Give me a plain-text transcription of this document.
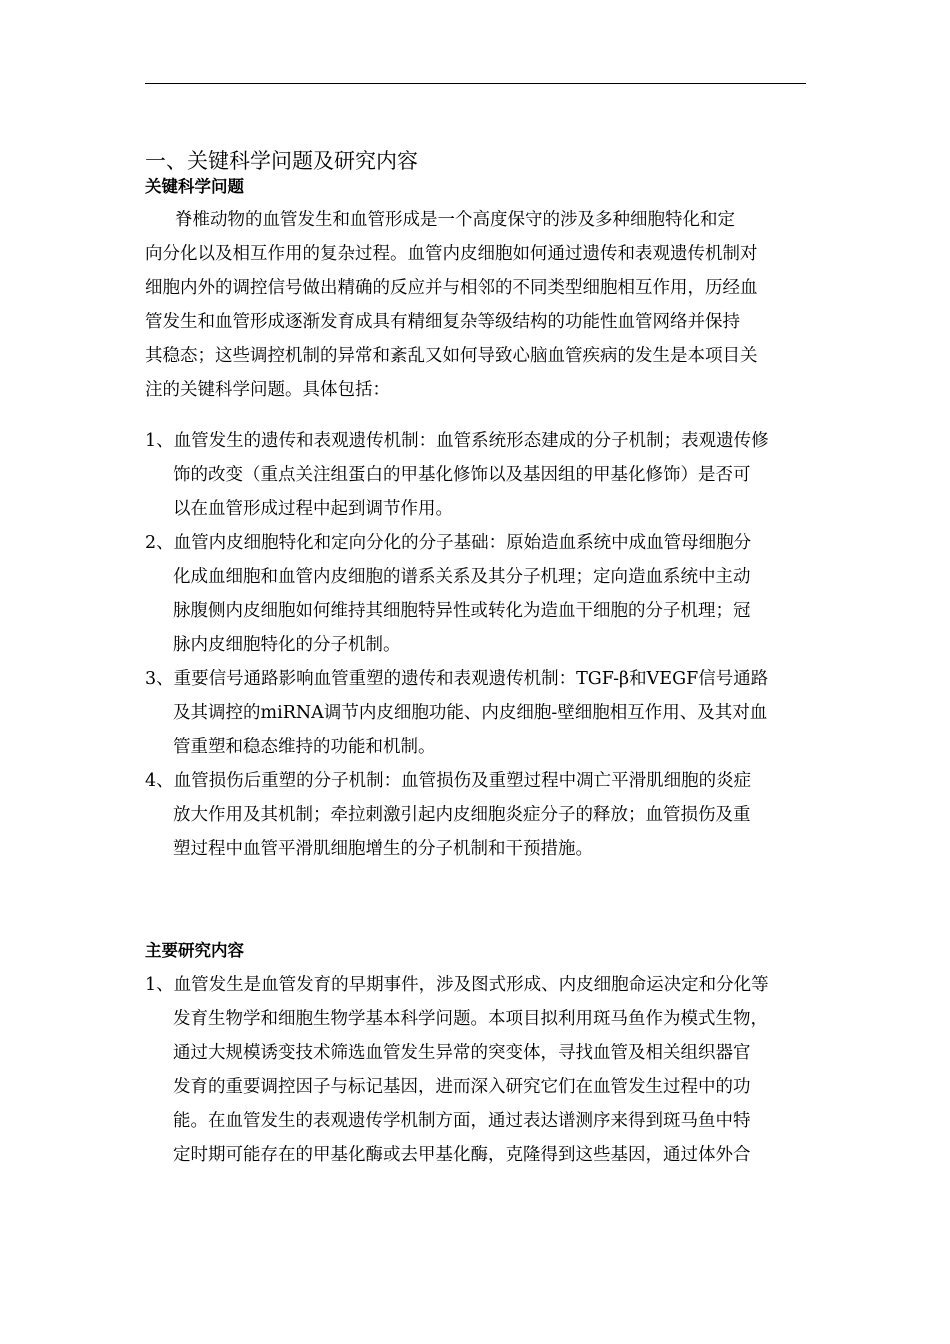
一、关键科学问题及研究内容
关键科学问题
脊椎动物的血管发生和血管形成是一个高度保守的涉及多种细胞特化和定
向分化以及相互作用的复杂过程。血管内皮细胞如何通过遗传和表观遗传机制对
细胞内外的调控信号做出精确的反应并与相邻的不同类型细胞相互作用，历经血
管发生和血管形成逐渐发育成具有精细复杂等级结构的功能性血管网络并保持
其稳态；这些调控机制的异常和紊乱又如何导致心脑血管疾病的发生是本项目关
注的关键科学问题。具体包括：
1、血管发生的遗传和表观遗传机制：血管系统形态建成的分子机制；表观遗传修
饰的改变（重点关注组蛋白的甲基化修饰以及基因组的甲基化修饰）是否可
以在血管形成过程中起到调节作用。
2、血管内皮细胞特化和定向分化的分子基础：原始造血系统中成血管母细胞分
化成血细胞和血管内皮细胞的谱系关系及其分子机理；定向造血系统中主动
脉腹侧内皮细胞如何维持其细胞特异性或转化为造血干细胞的分子机理；冠
脉内皮细胞特化的分子机制。
3、重要信号通路影响血管重塑的遗传和表观遗传机制：TGF-β和VEGF信号通路
及其调控的miRNA调节内皮细胞功能、内皮细胞-壁细胞相互作用、及其对血
管重塑和稳态维持的功能和机制。
4、血管损伤后重塑的分子机制：血管损伤及重塑过程中凋亡平滑肌细胞的炎症
放大作用及其机制；牵拉刺激引起内皮细胞炎症分子的释放；血管损伤及重
塑过程中血管平滑肌细胞增生的分子机制和干预措施。
主要研究内容
1、血管发生是血管发育的早期事件，涉及图式形成、内皮细胞命运决定和分化等
发育生物学和细胞生物学基本科学问题。本项目拟利用斑马鱼作为模式生物，
通过大规模诱变技术筛选血管发生异常的突变体，寻找血管及相关组织器官
发育的重要调控因子与标记基因，进而深入研究它们在血管发生过程中的功
能。在血管发生的表观遗传学机制方面，通过表达谱测序来得到斑马鱼中特
定时期可能存在的甲基化酶或去甲基化酶，克隆得到这些基因，通过体外合
